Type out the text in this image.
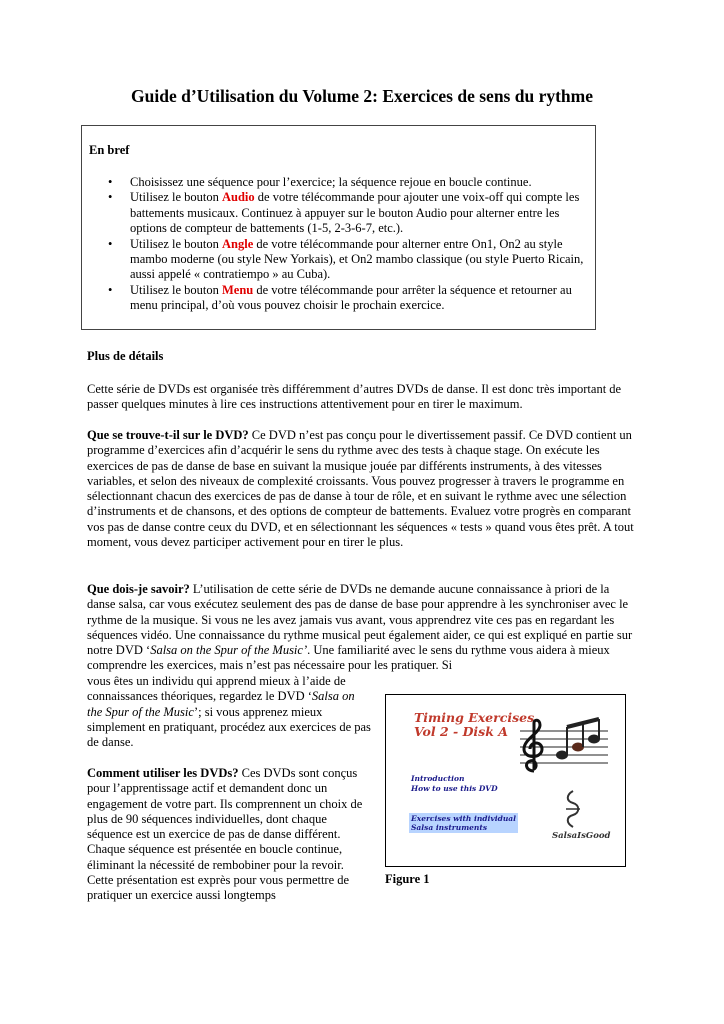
Guide d’Utilisation du Volume 2: Exercices de sens du rythme
En bref
• Choisissez une séquence pour l’exercice; la séquence rejoue en boucle continue.
• Utilisez le bouton Audio de votre télécommande pour ajouter une voix-off qui compte les battements musicaux. Continuez à appuyer sur le bouton Audio pour alterner entre les options de compteur de battements (1-5, 2-3-6-7, etc.).
• Utilisez le bouton Angle de votre télécommande pour alterner entre On1, On2 au style mambo moderne (ou style New Yorkais), et On2 mambo classique (ou style Puerto Ricain, aussi appelé « contratiempo » au Cuba).
• Utilisez le bouton Menu de votre télécommande pour arrêter la séquence et retourner au menu principal, d’où vous pouvez choisir le prochain exercice.
Plus de détails
Cette série de DVDs est organisée très différemment d’autres DVDs de danse. Il est donc très important de passer quelques minutes à lire ces instructions attentivement pour en tirer le maximum.
Que se trouve-t-il sur le DVD? Ce DVD n’est pas conçu pour le divertissement passif. Ce DVD contient un programme d’exercices afin d’acquérir le sens du rythme avec des tests à chaque stage. On exécute les exercices de pas de danse de base en suivant la musique jouée par différents instruments, à des vitesses variables, et selon des niveaux de complexité croissants. Vous pouvez progresser à travers le programme en sélectionnant chacun des exercices de pas de danse à tour de rôle, et en suivant le rythme avec une sélection d’instruments et de chansons, et des options de compteur de battements. Evaluez votre progrès en comparant vos pas de danse contre ceux du DVD, et en sélectionnant les séquences « tests » quand vous êtes prêt. A tout moment, vous devez participer activement pour en tirer le plus.
Que dois-je savoir? L’utilisation de cette série de DVDs ne demande aucune connaissance à priori de la danse salsa, car vous exécutez seulement des pas de danse de base pour apprendre à les synchroniser avec le rythme de la musique. Si vous ne les avez jamais vus avant, vous apprendrez vite ces pas en regardant les séquences vidéo. Une connaissance du rythme musical peut également aider, ce qui est expliqué en partie sur notre DVD ‘Salsa on the Spur of the Music’. Une familiarité avec le sens du rythme vous aidera à mieux comprendre les exercices, mais n’est pas nécessaire pour les pratiquer. Si
vous êtes un individu qui apprend mieux à l’aide de connaissances théoriques, regardez le DVD ‘Salsa on the Spur of the Music’; si vous apprenez mieux simplement en pratiquant, procédez aux exercices de pas de danse.
Comment utiliser les DVDs? Ces DVDs sont conçus pour l’apprentissage actif et demandent donc un engagement de votre part. Ils comprennent un choix de plus de 90 séquences individuelles, dont chaque séquence est un exercice de pas de danse différent. Chaque séquence est présentée en boucle continue, éliminant la nécessité de rembobiner pour la revoir. Cette présentation est exprès pour vous permettre de pratiquer un exercice aussi longtemps
Timing Exercises
Vol 2 - Disk A
Introduction
How to use this DVD
Exercises with individual
Salsa instruments
SalsaIsGood
Figure 1
